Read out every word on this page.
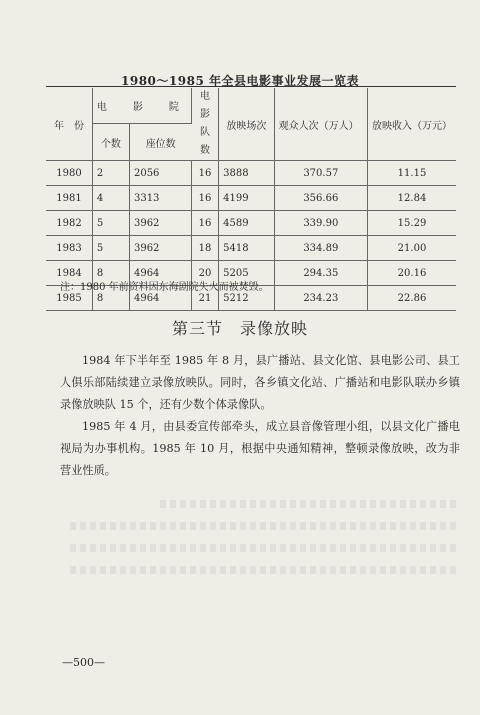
1980～1985 年全县电影事业发展一览表
年　份	电　影　院		电影队数	放映场次	观众人次（万人）	放映收入（万元）
	个数	座位数				
1980	2	2056	16	3888	370.57	11.15
1981	4	3313	16	4199	356.66	12.84
1982	5	3962	16	4589	339.90	15.29
1983	5	3962	18	5418	334.89	21.00
1984	8	4964	20	5205	294.35	20.16
1985	8	4964	21	5212	234.23	22.86
注：1980 年前资料因东海剧院失火而被焚毁。
第三节　录像放映

1984 年下半年至 1985 年 8 月，县广播站、县文化馆、县电影公司、县工人俱乐部陆续建立录像放映队。同时，各乡镇文化站、广播站和电影队联办乡镇录像放映队 15 个，还有少数个体录像队。

1985 年 4 月，由县委宣传部牵头，成立县音像管理小组，以县文化广播电视局为办事机构。1985 年 10 月，根据中央通知精神，整顿录像放映，改为非营业性质。

—500—
